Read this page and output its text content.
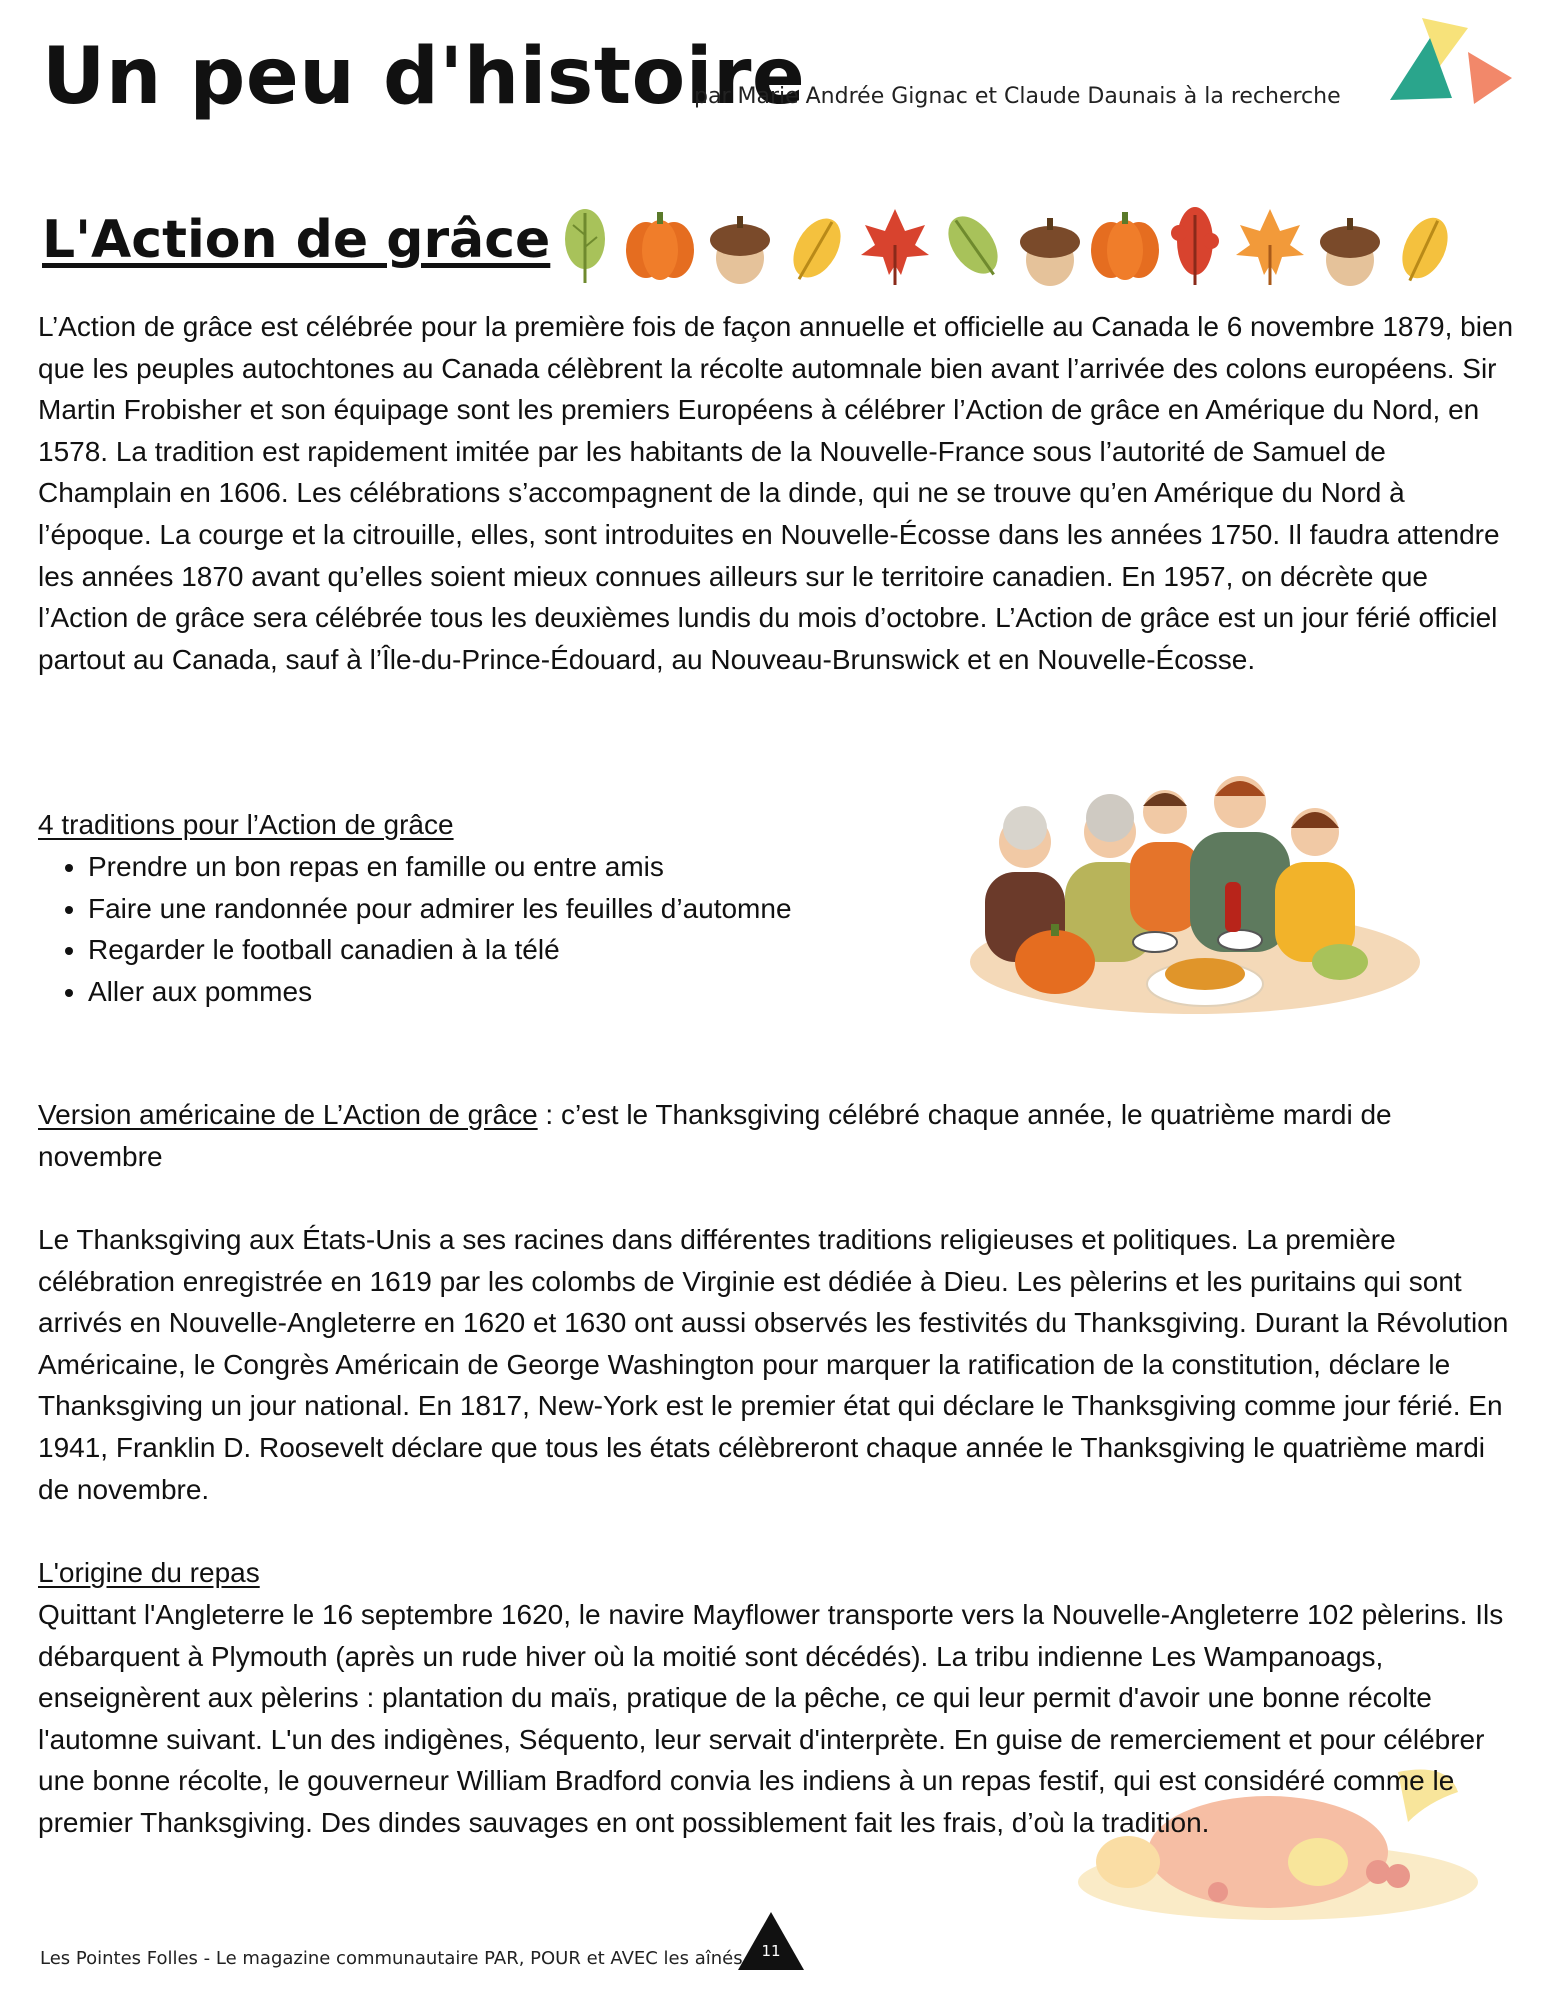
Un peu d'histoire
par Marie Andrée Gignac et Claude Daunais à la recherche
L'Action de grâce

L’Action de grâce est célébrée pour la première fois de façon annuelle et officielle au Canada le 6 novembre 1879, bien que les peuples autochtones au Canada célèbrent la récolte automnale bien avant l’arrivée des colons européens. Sir Martin Frobisher et son équipage sont les premiers Européens à célébrer l’Action de grâce en Amérique du Nord, en 1578. La tradition est rapidement imitée par les habitants de la Nouvelle-France sous l’autorité de Samuel de Champlain en 1606. Les célébrations s’accompagnent de la dinde, qui ne se trouve qu’en Amérique du Nord à l’époque. La courge et la citrouille, elles, sont introduites en Nouvelle-Écosse dans les années 1750. Il faudra attendre les années 1870 avant qu’elles soient mieux connues ailleurs sur le territoire canadien. En 1957, on décrète que l’Action de grâce sera célébrée tous les deuxièmes lundis du mois d’octobre. L’Action de grâce est un jour férié officiel partout au Canada, sauf à l’Île-du-Prince-Édouard, au Nouveau-Brunswick et en Nouvelle-Écosse.

4 traditions pour l’Action de grâce

• Prendre un bon repas en famille ou entre amis
• Faire une randonnée pour admirer les feuilles d’automne
• Regarder le football canadien à la télé
• Aller aux pommes

Version américaine de L’Action de grâce : c’est le Thanksgiving célébré chaque année, le quatrième mardi de novembre

Le Thanksgiving aux États-Unis a ses racines dans différentes traditions religieuses et politiques. La première célébration enregistrée en 1619 par les colombs de Virginie est dédiée à Dieu. Les pèlerins et les puritains qui sont arrivés en Nouvelle-Angleterre en 1620 et 1630 ont aussi observés les festivités du Thanksgiving. Durant la Révolution Américaine, le Congrès Américain de George Washington pour marquer la ratification de la constitution, déclare le Thanksgiving un jour national. En 1817, New-York est le premier état qui déclare le Thanksgiving comme jour férié. En 1941, Franklin D. Roosevelt déclare que tous les états célèbreront chaque année le Thanksgiving le quatrième mardi de novembre.

L'origine du repas

Quittant l'Angleterre le 16 septembre 1620, le navire Mayflower transporte vers la Nouvelle-Angleterre 102 pèlerins. Ils débarquent à Plymouth (après un rude hiver où la moitié sont décédés). La tribu indienne Les Wampanoags, enseignèrent aux pèlerins : plantation du maïs, pratique de la pêche, ce qui leur permit d'avoir une bonne récolte l'automne suivant. L'un des indigènes, Séquento, leur servait d'interprète. En guise de remerciement et pour célébrer une bonne récolte, le gouverneur William Bradford convia les indiens à un repas festif, qui est considéré comme le premier Thanksgiving. Des dindes sauvages en ont possiblement fait les frais, d’où la tradition.

Les Pointes Folles - Le magazine communautaire PAR, POUR et AVEC les aînés	11
